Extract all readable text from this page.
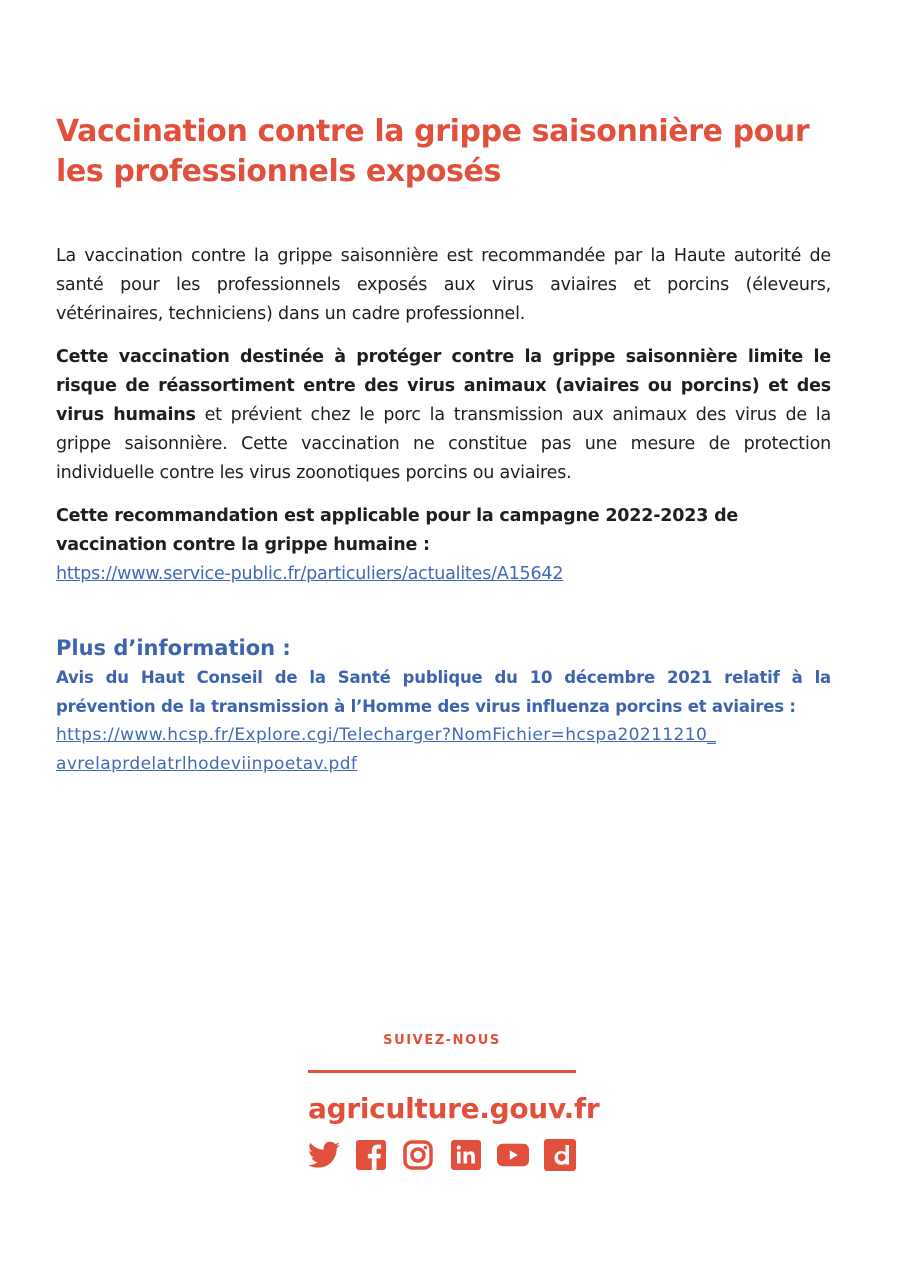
Vaccination contre la grippe saisonnière pour les professionnels exposés

La vaccination contre la grippe saisonnière est recommandée par la Haute autorité de santé pour les professionnels exposés aux virus aviaires et porcins (éleveurs, vétérinaires, techniciens) dans un cadre professionnel.

Cette vaccination destinée à protéger contre la grippe saisonnière limite le risque de réassortiment entre des virus animaux (aviaires ou porcins) et des virus humains et prévient chez le porc la transmission aux animaux des virus de la grippe saisonnière. Cette vaccination ne constitue pas une mesure de protection individuelle contre les virus zoonotiques porcins ou aviaires.

Cette recommandation est applicable pour la campagne 2022-2023 de vaccination contre la grippe humaine :
https://www.service-public.fr/particuliers/actualites/A15642

Plus d’information :

Avis du Haut Conseil de la Santé publique du 10 décembre 2021 relatif à la prévention de la transmission à l’Homme des virus influenza porcins et aviaires :

https://www.hcsp.fr/Explore.cgi/Telecharger?NomFichier=hcspa20211210_
avrelaprdelatrlhodeviinpoetav.pdf
SUIVEZ-NOUS
agriculture.gouv.fr
